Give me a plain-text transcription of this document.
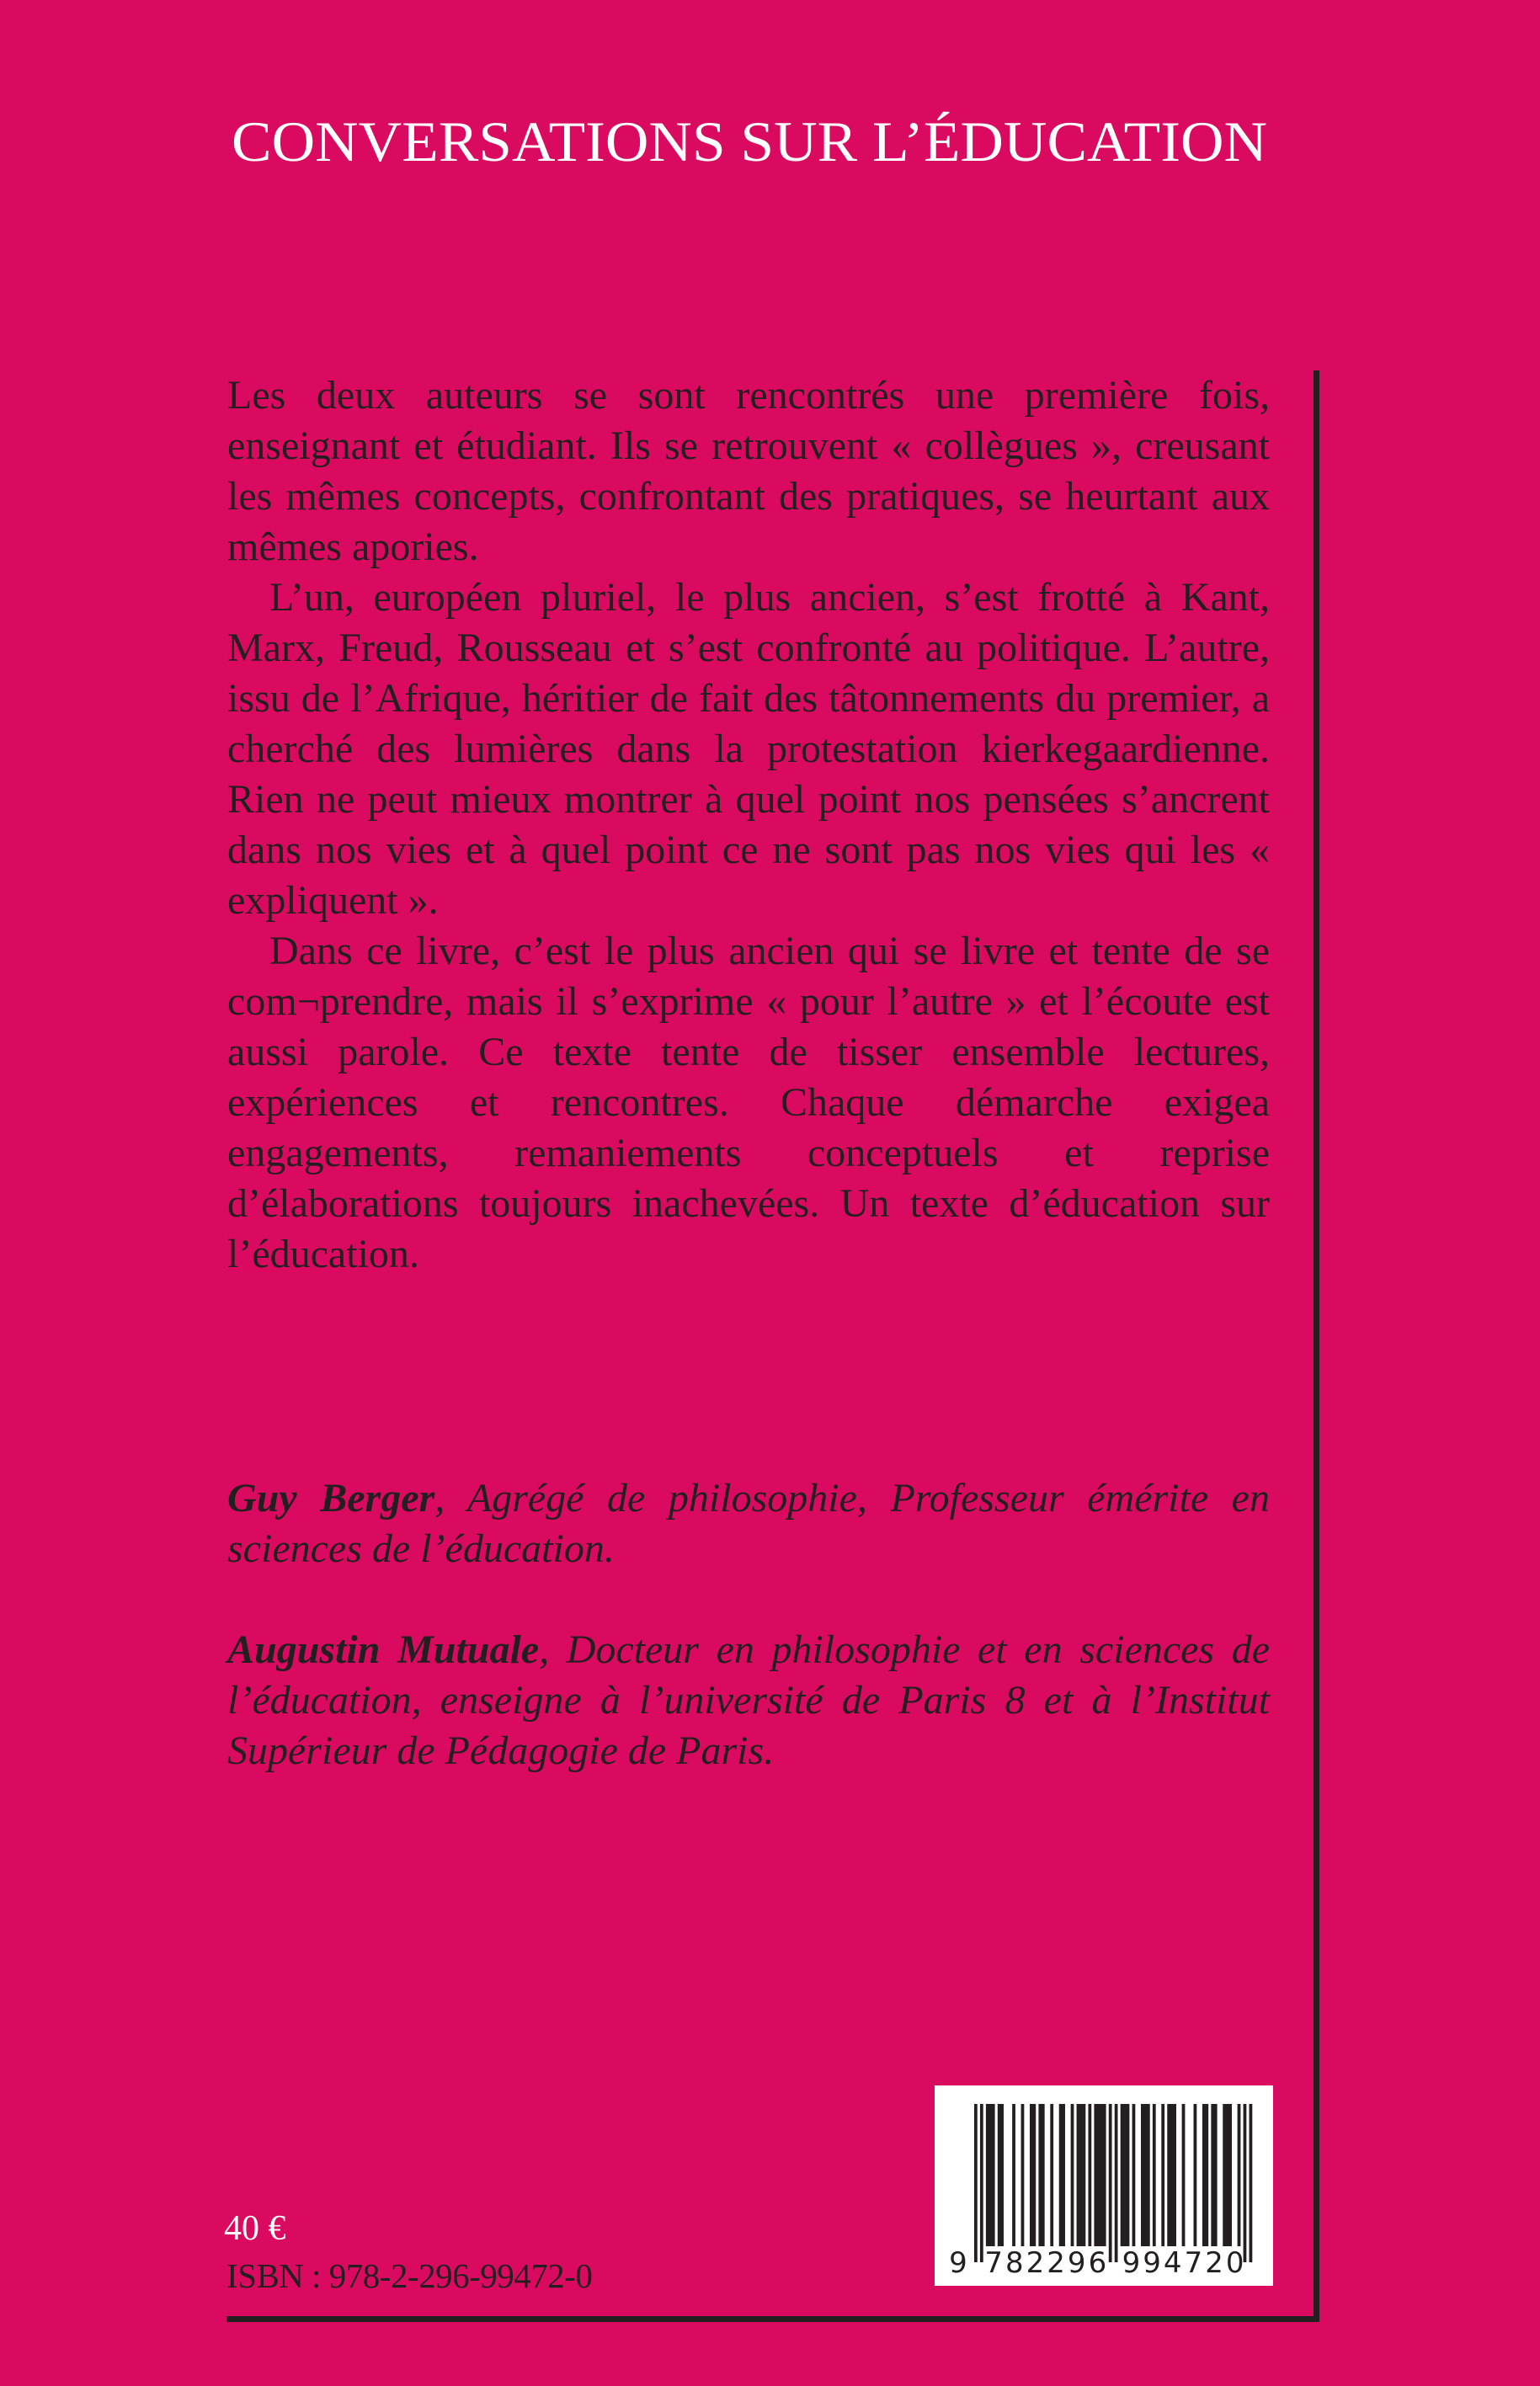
CONVERSATIONS SUR L’ÉDUCATION

Les deux auteurs se sont rencontrés une première fois, enseignant et étudiant. Ils se retrouvent « collègues », creusant les mêmes concepts, confrontant des pratiques, se heurtant aux mêmes apories.

L’un, européen pluriel, le plus ancien, s’est frotté à Kant, Marx, Freud, Rousseau et s’est confronté au politique. L’autre, issu de l’Afrique, héritier de fait des tâtonnements du premier, a cherché des lumières dans la protestation kierkegaardienne. Rien ne peut mieux montrer à quel point nos pensées s’ancrent dans nos vies et à quel point ce ne sont pas nos vies qui les « expliquent ».

Dans ce livre, c’est le plus ancien qui se livre et tente de se com¬prendre, mais il s’exprime « pour l’autre » et l’écoute est aussi parole. Ce texte tente de tisser ensemble lectures, expériences et rencontres. Chaque démarche exigea engagements, remaniements conceptuels et reprise d’élaborations toujours inachevées. Un texte d’éducation sur l’éducation.

Guy Berger, Agrégé de philosophie, Professeur émérite en sciences de l’éducation.

Augustin Mutuale, Docteur en philosophie et en sciences de l’éducation, enseigne à l’université de Paris 8 et à l’Institut Supérieur de Pédagogie de Paris.

40 €
ISBN : 978-2-296-99472-0	9 782296 994720
